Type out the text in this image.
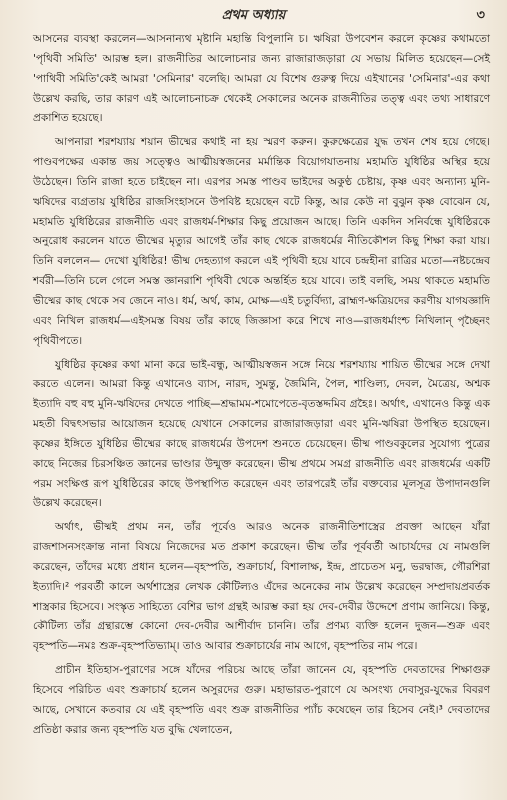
প্রথম অধ্যায়	৩

আসনের ব্যবস্থা করলেন—আসনান্যথ মৃষ্টানি মহান্তি বিপুলানি চ। ঋষিরা উপবেশন করলে কৃষ্ণের কথামতো 'পৃথিবী সমিতি' আরম্ভ হল। রাজনীতির আলোচনার জন্য রাজারাজড়ারা যে সভায় মিলিত হয়েছেন—সেই 'পাথিবী সমিতি'কেই আমরা 'সেমিনার' বলেছি। আমরা যে বিশেষ গুরুত্ব দিয়ে এইখানের 'সেমিনার'-এর কথা উল্লেখ করছি, তার কারণ এই আলোচনাচক্র থেকেই সেকালের অনেক রাজনীতির তত্ত্ব এবং তথ্য সাধারণে প্রকাশিত হয়েছে।

আপনারা শরশয্যায় শয়ান ভীষ্মের কথাই না হয় স্মরণ করুন। কুরুক্ষেত্রের যুদ্ধ তখন শেষ হয়ে গেছে। পাণ্ডবপক্ষের একান্ত জয় সত্ত্বেও আত্মীয়স্বজনের মর্মান্তিক বিয়োগযাতনায় মহামতি যুধিষ্ঠির অস্থির হয়ে উঠেছেন। তিনি রাজা হতে চাইছেন না। এরপর সমস্ত পাণ্ডব ভাইদের অকুণ্ঠ চেষ্টায়, কৃষ্ণ এবং অন্যান্য মুনি-ঋষিদের ব্যগ্রতায় যুধিষ্ঠির রাজসিংহাসনে উপবিষ্ট হয়েছেন বটে কিন্তু, আর কেউ না বুঝুন কৃষ্ণ বোঝেন যে, মহামতি যুধিষ্ঠিরের রাজনীতি এবং রাজধর্ম-শিক্ষার কিছু প্রয়োজন আছে। তিনি একদিন সনির্বন্ধে যুধিষ্ঠিরকে অনুরোধ করলেন যাতে ভীষ্মের মৃত্যুর আগেই তাঁর কাছ থেকে রাজধর্মের নীতিকৌশল কিছু শিক্ষা করা যায়। তিনি বললেন— দেখো যুধিষ্ঠির! ভীষ্ম দেহত্যাগ করলে এই পৃথিবী হয়ে যাবে চন্দ্রহীনা রাত্রির মতো—নষ্টচন্দ্রেব শর্বরী—তিনি চলে গেলে সমস্ত জ্ঞানরাশি পৃথিবী থেকে অন্তর্হিত হয়ে যাবে। তাই বলছি, সময় থাকতে মহামতি ভীষ্মের কাছ থেকে সব জেনে নাও। ধর্ম, অর্থ, কাম, মোক্ষ—এই চতুর্বিদ্যা, ব্রাহ্মণ-ক্ষত্রিয়দের করণীয় যাগযজ্ঞাদি এবং নিখিল রাজধর্ম—এইসমস্ত বিষয় তাঁর কাছে জিজ্ঞাসা করে শিখে নাও—রাজধর্মাংশ্চ নিখিলান্ পৃচ্ছৈনং পৃথিবীপতে।

যুধিষ্ঠির কৃষ্ণের কথা মানা করে ভাই-বন্ধু, আত্মীয়স্বজন সঙ্গে নিয়ে শরশয্যায় শায়িত ভীষ্মের সঙ্গে দেখা করতে এলেন। আমরা কিন্তু এখানেও ব্যাস, নারদ, সুমন্তু, জৈমিনি, পৈল, শাণ্ডিল্য, দেবল, মৈত্রেয়, অশ্মক ইত্যাদি বহু বহু মুনি-ঋষিদের দেখতে পাচ্ছি—শ্রদ্ধামম-শমোপেতে-বৃতস্তদ্দমিব গ্রহৈঃ। অর্থাৎ, এখানেও কিন্তু এক মহতী বিদ্বৎসভার আয়োজন হয়েছে যেখানে সেকালের রাজারাজড়ারা এবং মুনি-ঋষিরা উপস্থিত হয়েছেন। কৃষ্ণের ইঙ্গিতে যুধিষ্ঠির ভীষ্মের কাছে রাজধর্মের উপদেশ শুনতে চেয়েছেন। ভীষ্ম পাণ্ডবকুলের সুযোগ্য পুত্রের কাছে নিজের চিরসঞ্চিত জ্ঞানের ভাণ্ডার উন্মুক্ত করেছেন। ভীষ্ম প্রথমে সমগ্র রাজনীতি এবং রাজধর্মের একটি পরম সংক্ষিপ্ত রূপ যুধিষ্ঠিরের কাছে উপস্থাপিত করেছেন এবং তারপরেই তাঁর বক্তব্যের মূলসূত্র উপাদানগুলি উল্লেখ করেছেন।

অর্থাৎ, ভীষ্মই প্রথম নন, তাঁর পূর্বেও আরও অনেক রাজনীতিশাস্ত্রের প্রবক্তা আছেন যাঁরা রাজশাসনসংক্রান্ত নানা বিষয়ে নিজেদের মত প্রকাশ করেছেন। ভীষ্ম তাঁর পূর্ববর্তী আচার্যদের যে নামগুলি করেছেন, তাঁদের মধ্যে প্রধান হলেন—বৃহস্পতি, শুক্রাচার্য, বিশালাক্ষ, ইন্দ্র, প্রাচেতস মনু, ভরদ্বাজ, গৌরশিরা ইত্যাদি।² পরবর্তী কালে অর্থশাস্ত্রের লেখক কৌটিল্যও এঁদের অনেকের নাম উল্লেখ করেছেন সম্প্রদায়প্রবর্তক শাস্ত্রকার হিসেবে। সংস্কৃত সাহিত্যে বেশির ভাগ গ্রন্থই আরম্ভ করা হয় দেব-দেবীর উদ্দেশে প্রণাম জানিয়ে। কিন্তু, কৌটিল্য তাঁর গ্রন্থারম্ভে কোনো দেব-দেবীর আশীর্বাদ চাননি। তাঁর প্রণম্য ব্যক্তি হলেন দুজন—শুক্র এবং বৃহস্পতি—নমঃ শুক্র-বৃহস্পতিভ্যাম্। তাও আবার শুক্রাচার্যের নাম আগে, বৃহস্পতির নাম পরে।

প্রাচীন ইতিহাস-পুরাণের সঙ্গে যাঁদের পরিচয় আছে তাঁরা জানেন যে, বৃহস্পতি দেবতাদের শিক্ষাগুরু হিসেবে পরিচিত এবং শুক্রাচার্য হলেন অসুরদের গুরু। মহাভারত-পুরাণে যে অসংখ্য দেবাসুর-যুদ্ধের বিবরণ আছে, সেখানে কতবার যে এই বৃহস্পতি এবং শুক্র রাজনীতির প্যাঁচ কষেছেন তার হিসেব নেই।³ দেবতাদের প্রতিষ্ঠা করার জন্য বৃহস্পতি যত বুদ্ধি খেলাতেন,
